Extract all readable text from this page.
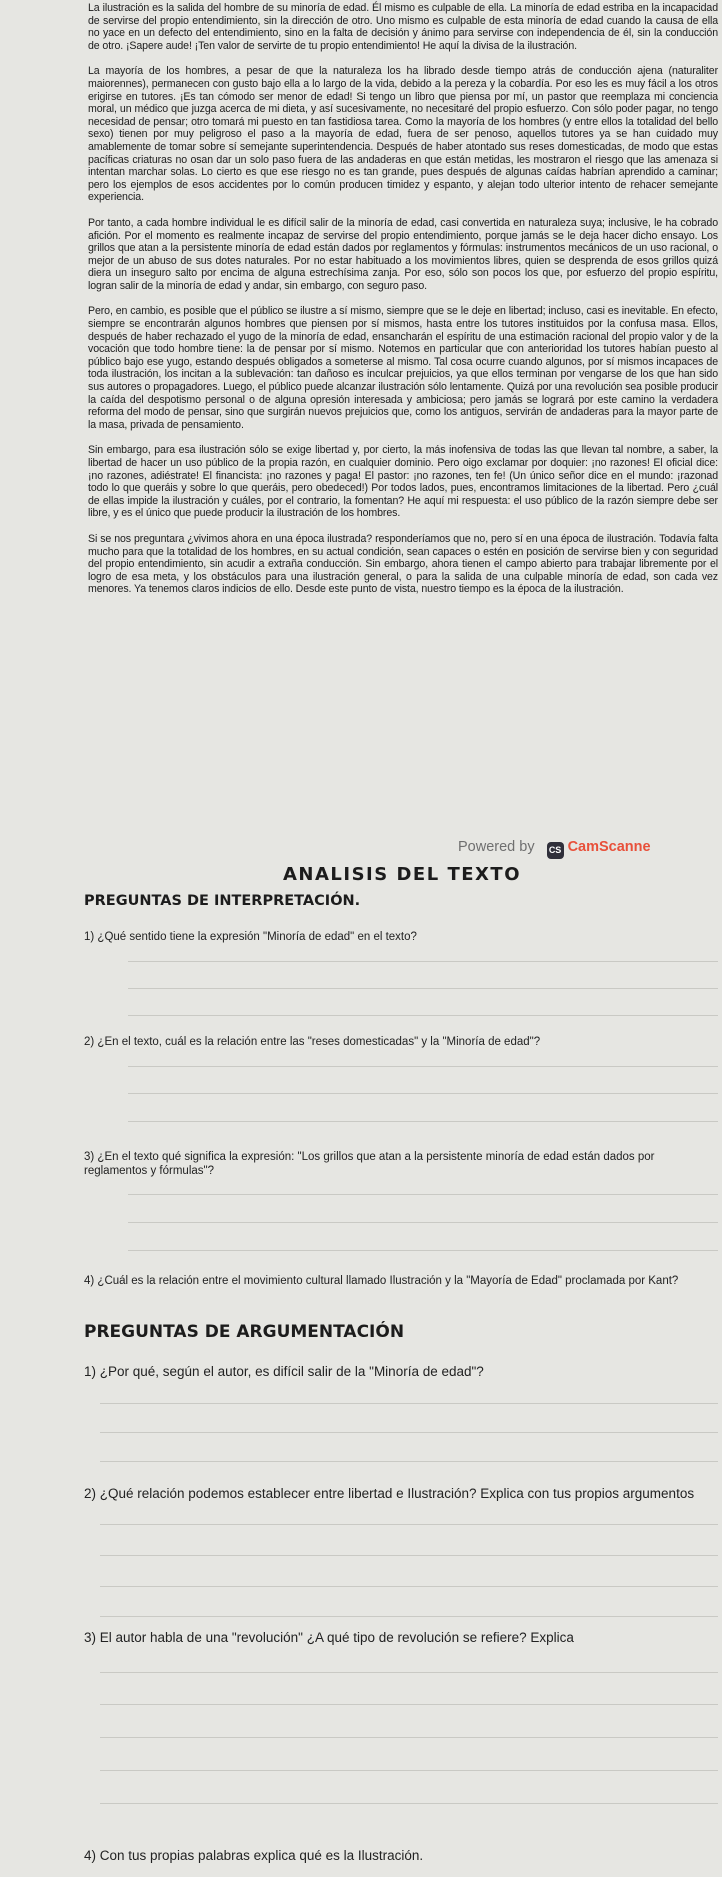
La ilustración es la salida del hombre de su minoría de edad. Él mismo es culpable de ella. La minoría de edad estriba en la incapacidad de servirse del propio entendimiento, sin la dirección de otro. Uno mismo es culpable de esta minoría de edad cuando la causa de ella no yace en un defecto del entendimiento, sino en la falta de decisión y ánimo para servirse con independencia de él, sin la conducción de otro. ¡Sapere aude! ¡Ten valor de servirte de tu propio entendimiento! He aquí la divisa de la ilustración.

La mayoría de los hombres, a pesar de que la naturaleza los ha librado desde tiempo atrás de conducción ajena (naturaliter maiorennes), permanecen con gusto bajo ella a lo largo de la vida, debido a la pereza y la cobardía. Por eso les es muy fácil a los otros erigirse en tutores. ¡Es tan cómodo ser menor de edad! Si tengo un libro que piensa por mí, un pastor que reemplaza mi conciencia moral, un médico que juzga acerca de mi dieta, y así sucesivamente, no necesitaré del propio esfuerzo. Con sólo poder pagar, no tengo necesidad de pensar; otro tomará mi puesto en tan fastidiosa tarea. Como la mayoría de los hombres (y entre ellos la totalidad del bello sexo) tienen por muy peligroso el paso a la mayoría de edad, fuera de ser penoso, aquellos tutores ya se han cuidado muy amablemente de tomar sobre sí semejante superintendencia. Después de haber atontado sus reses domesticadas, de modo que estas pacíficas criaturas no osan dar un solo paso fuera de las andaderas en que están metidas, les mostraron el riesgo que las amenaza si intentan marchar solas. Lo cierto es que ese riesgo no es tan grande, pues después de algunas caídas habrían aprendido a caminar; pero los ejemplos de esos accidentes por lo común producen timidez y espanto, y alejan todo ulterior intento de rehacer semejante experiencia.

Por tanto, a cada hombre individual le es difícil salir de la minoría de edad, casi convertida en naturaleza suya; inclusive, le ha cobrado afición. Por el momento es realmente incapaz de servirse del propio entendimiento, porque jamás se le deja hacer dicho ensayo. Los grillos que atan a la persistente minoría de edad están dados por reglamentos y fórmulas: instrumentos mecánicos de un uso racional, o mejor de un abuso de sus dotes naturales. Por no estar habituado a los movimientos libres, quien se desprenda de esos grillos quizá diera un inseguro salto por encima de alguna estrechísima zanja. Por eso, sólo son pocos los que, por esfuerzo del propio espíritu, logran salir de la minoría de edad y andar, sin embargo, con seguro paso.

Pero, en cambio, es posible que el público se ilustre a sí mismo, siempre que se le deje en libertad; incluso, casi es inevitable. En efecto, siempre se encontrarán algunos hombres que piensen por sí mismos, hasta entre los tutores instituidos por la confusa masa. Ellos, después de haber rechazado el yugo de la minoría de edad, ensancharán el espíritu de una estimación racional del propio valor y de la vocación que todo hombre tiene: la de pensar por sí mismo. Notemos en particular que con anterioridad los tutores habían puesto al público bajo ese yugo, estando después obligados a someterse al mismo. Tal cosa ocurre cuando algunos, por sí mismos incapaces de toda ilustración, los incitan a la sublevación: tan dañoso es inculcar prejuicios, ya que ellos terminan por vengarse de los que han sido sus autores o propagadores. Luego, el público puede alcanzar ilustración sólo lentamente. Quizá por una revolución sea posible producir la caída del despotismo personal o de alguna opresión interesada y ambiciosa; pero jamás se logrará por este camino la verdadera reforma del modo de pensar, sino que surgirán nuevos prejuicios que, como los antiguos, servirán de andaderas para la mayor parte de la masa, privada de pensamiento.

Sin embargo, para esa ilustración sólo se exige libertad y, por cierto, la más inofensiva de todas las que llevan tal nombre, a saber, la libertad de hacer un uso público de la propia razón, en cualquier dominio. Pero oigo exclamar por doquier: ¡no razones! El oficial dice: ¡no razones, adiéstrate! El financista: ¡no razones y paga! El pastor: ¡no razones, ten fe! (Un único señor dice en el mundo: ¡razonad todo lo que queráis y sobre lo que queráis, pero obedeced!) Por todos lados, pues, encontramos limitaciones de la libertad. Pero ¿cuál de ellas impide la ilustración y cuáles, por el contrario, la fomentan? He aquí mi respuesta: el uso público de la razón siempre debe ser libre, y es el único que puede producir la ilustración de los hombres.

Si se nos preguntara ¿vivimos ahora en una época ilustrada? responderíamos que no, pero sí en una época de ilustración. Todavía falta mucho para que la totalidad de los hombres, en su actual condición, sean capaces o estén en posición de servirse bien y con seguridad del propio entendimiento, sin acudir a extraña conducción. Sin embargo, ahora tienen el campo abierto para trabajar libremente por el logro de esa meta, y los obstáculos para una ilustración general, o para la salida de una culpable minoría de edad, son cada vez menores. Ya tenemos claros indicios de ello. Desde este punto de vista, nuestro tiempo es la época de la ilustración.

Powered by CS CamScanne
ANALISIS DEL TEXTO
PREGUNTAS DE INTERPRETACIÓN.
1) ¿Qué sentido tiene la expresión "Minoría de edad" en el texto?
2) ¿En el texto, cuál es la relación entre las "reses domesticadas" y la "Minoría de edad"?
3) ¿En el texto qué significa la expresión: "Los grillos que atan a la persistente minoría de edad están dados por reglamentos y fórmulas"?
4) ¿Cuál es la relación entre el movimiento cultural llamado Ilustración y la "Mayoría de Edad" proclamada por Kant?
PREGUNTAS DE ARGUMENTACIÓN
1) ¿Por qué, según el autor, es difícil salir de la "Minoría de edad"?
2) ¿Qué relación podemos establecer entre libertad e Ilustración? Explica con tus propios argumentos
3) El autor habla de una "revolución" ¿A qué tipo de revolución se refiere? Explica
4) Con tus propias palabras explica qué es la Ilustración.
